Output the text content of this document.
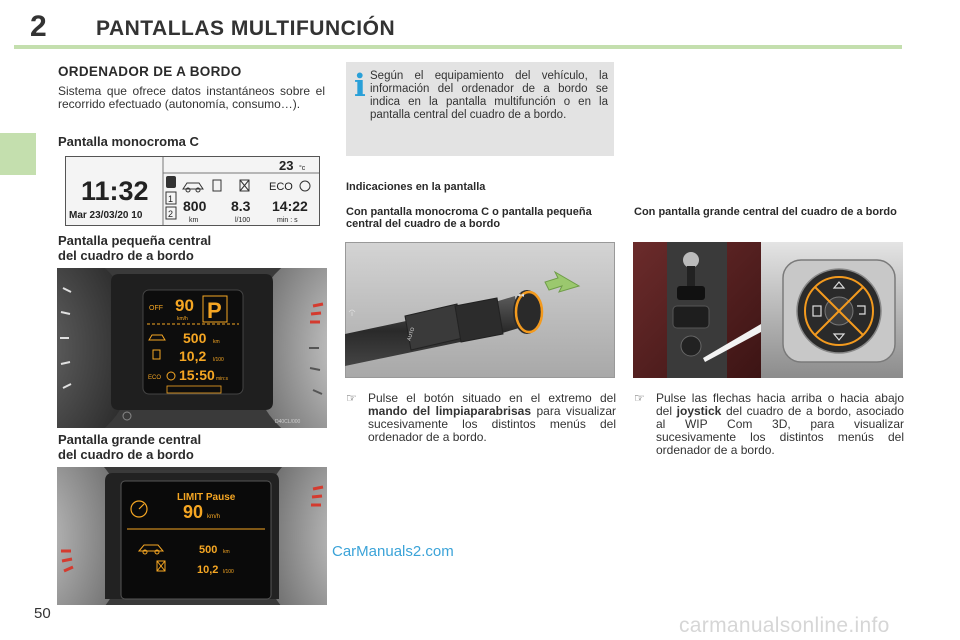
2 PANTALLAS MULTIFUNCIÓN
ORDENADOR DE A BORDO
Sistema que ofrece datos instantáneos sobre el recorrido efectuado (autonomía, consumo…).
Pantalla monocroma C
11:32
Mar 23/03/20 10
23 °c
1
2
ECO
800
km
8.3
l/100
14:22
min : s
Pantalla pequeña central
del cuadro de a bordo
OFF 90
km/h P
500 km
10,2 l/100
ECO 15:50 min:s
D40CL/000
Pantalla grande central
del cuadro de a bordo
LIMIT Pause
90 km/h
500 km
10,2 l/100
50
i Según el equipamiento del vehículo, la información del ordenador de a bordo se indica en la pantalla multifunción o en la pantalla central del cuadro de a bordo.
Indicaciones en la pantalla
Con pantalla monocroma C o pantalla pequeña central del cuadro de a bordo
Con pantalla grande central del cuadro de a bordo
◂◂
AUTO
☞ Pulse el botón situado en el extremo del mando del limpiaparabrisas para visualizar sucesivamente los distintos menús del ordenador de a bordo.
☞ Pulse las flechas hacia arriba o hacia abajo del joystick del cuadro de a bordo, asociado al WIP Com 3D, para visualizar sucesivamente los distintos menús del ordenador de a bordo.
CarManuals2.com
carmanualsonline.info
